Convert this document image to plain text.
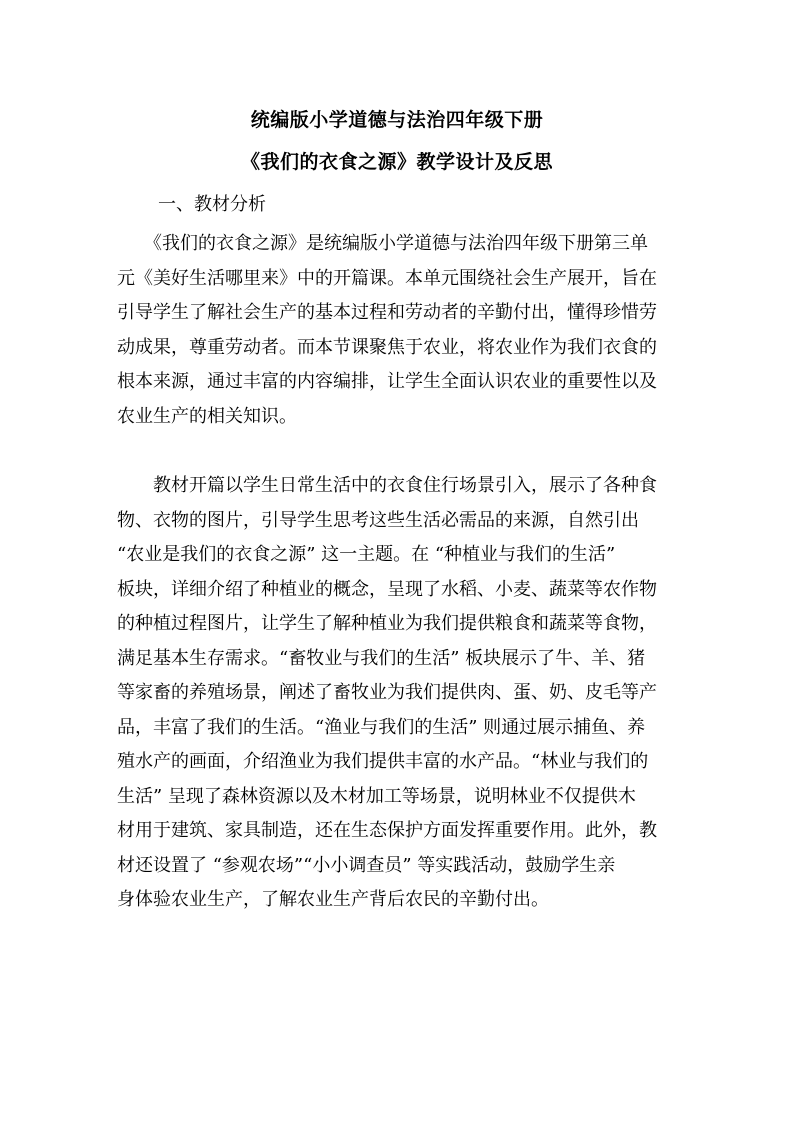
统编版小学道德与法治四年级下册
《我们的衣食之源》教学设计及反思
一、教材分析
　　《我们的衣食之源》是统编版小学道德与法治四年级下册第三单
元《美好生活哪里来》中的开篇课。本单元围绕社会生产展开，旨在
引导学生了解社会生产的基本过程和劳动者的辛勤付出，懂得珍惜劳
动成果，尊重劳动者。而本节课聚焦于农业，将农业作为我们衣食的
根本来源，通过丰富的内容编排，让学生全面认识农业的重要性以及
农业生产的相关知识。
　　教材开篇以学生日常生活中的衣食住行场景引入，展示了各种食
物、衣物的图片，引导学生思考这些生活必需品的来源，自然引出
“农业是我们的衣食之源” 这一主题。在 “种植业与我们的生活”
板块，详细介绍了种植业的概念，呈现了水稻、小麦、蔬菜等农作物
的种植过程图片，让学生了解种植业为我们提供粮食和蔬菜等食物，
满足基本生存需求。“畜牧业与我们的生活” 板块展示了牛、羊、猪
等家畜的养殖场景，阐述了畜牧业为我们提供肉、蛋、奶、皮毛等产
品，丰富了我们的生活。“渔业与我们的生活” 则通过展示捕鱼、养
殖水产的画面，介绍渔业为我们提供丰富的水产品。“林业与我们的
生活” 呈现了森林资源以及木材加工等场景，说明林业不仅提供木
材用于建筑、家具制造，还在生态保护方面发挥重要作用。此外，教
材还设置了 “参观农场”“小小调查员” 等实践活动，鼓励学生亲
身体验农业生产，了解农业生产背后农民的辛勤付出。
